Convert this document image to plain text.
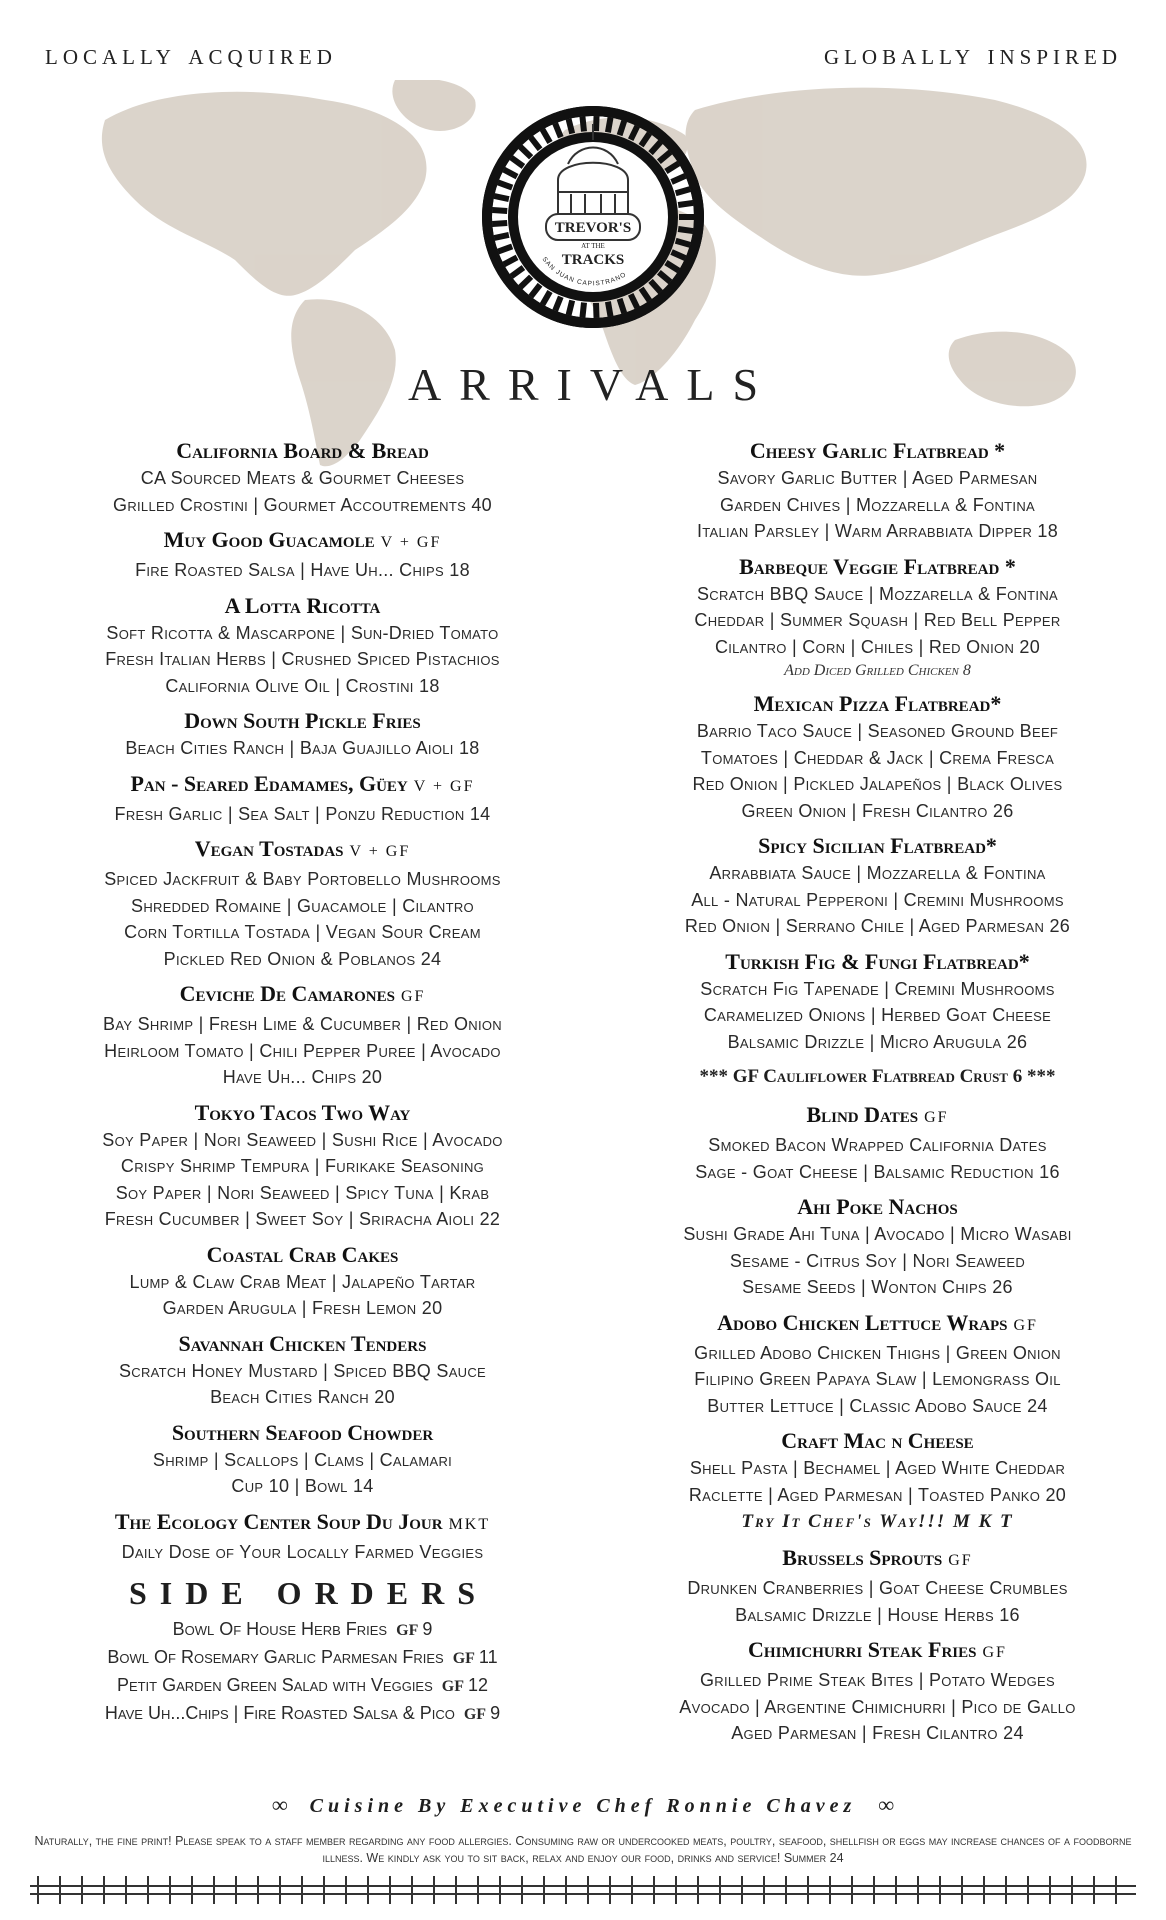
locally acquired	globally inspired
TREVOR'S
AT THE
TRACKS
SAN JUAN CAPISTRANO
ARRIVALS
California Board & Bread
CA Sourced Meats & Gourmet Cheeses
Grilled Crostini | Gourmet Accoutrements 40
Muy Good Guacamole V + GF
Fire Roasted Salsa | Have Uh... Chips 18
A Lotta Ricotta
Soft Ricotta & Mascarpone | Sun-Dried Tomato
Fresh Italian Herbs | Crushed Spiced Pistachios
California Olive Oil | Crostini 18
Down South Pickle Fries
Beach Cities Ranch | Baja Guajillo Aioli 18
Pan - Seared Edamames, Güey V + GF
Fresh Garlic | Sea Salt | Ponzu Reduction 14
Vegan Tostadas V + GF
Spiced Jackfruit & Baby Portobello Mushrooms
Shredded Romaine | Guacamole | Cilantro
Corn Tortilla Tostada | Vegan Sour Cream
Pickled Red Onion & Poblanos 24
Ceviche De Camarones GF
Bay Shrimp | Fresh Lime & Cucumber | Red Onion
Heirloom Tomato | Chili Pepper Puree | Avocado
Have Uh... Chips 20
Tokyo Tacos Two Way
Soy Paper | Nori Seaweed | Sushi Rice | Avocado
Crispy Shrimp Tempura | Furikake Seasoning
Soy Paper | Nori Seaweed | Spicy Tuna | Krab
Fresh Cucumber | Sweet Soy | Sriracha Aioli 22
Coastal Crab Cakes
Lump & Claw Crab Meat | Jalapeño Tartar
Garden Arugula | Fresh Lemon 20
Savannah Chicken Tenders
Scratch Honey Mustard | Spiced BBQ Sauce
Beach Cities Ranch 20
Southern Seafood Chowder
Shrimp | Scallops | Clams | Calamari
Cup 10 | Bowl 14
The Ecology Center Soup Du Jour MKT
Daily Dose of Your Locally Farmed Veggies
SIDE ORDERS
Bowl Of House Herb Fries GF 9
Bowl Of Rosemary Garlic Parmesan Fries GF 11
Petit Garden Green Salad with Veggies GF 12
Have Uh...Chips | Fire Roasted Salsa & Pico GF 9
Cheesy Garlic Flatbread *
Savory Garlic Butter | Aged Parmesan
Garden Chives | Mozzarella & Fontina
Italian Parsley | Warm Arrabbiata Dipper 18
Barbeque Veggie Flatbread *
Scratch BBQ Sauce | Mozzarella & Fontina
Cheddar | Summer Squash | Red Bell Pepper
Cilantro | Corn | Chiles | Red Onion 20
Add Diced Grilled Chicken 8
Mexican Pizza Flatbread*
Barrio Taco Sauce | Seasoned Ground Beef
Tomatoes | Cheddar & Jack | Crema Fresca
Red Onion | Pickled Jalapeños | Black Olives
Green Onion | Fresh Cilantro 26
Spicy Sicilian Flatbread*
Arrabbiata Sauce | Mozzarella & Fontina
All - Natural Pepperoni | Cremini Mushrooms
Red Onion | Serrano Chile | Aged Parmesan 26
Turkish Fig & Fungi Flatbread*
Scratch Fig Tapenade | Cremini Mushrooms
Caramelized Onions | Herbed Goat Cheese
Balsamic Drizzle | Micro Arugula 26
*** GF Cauliflower Flatbread Crust 6 ***
Blind Dates GF
Smoked Bacon Wrapped California Dates
Sage - Goat Cheese | Balsamic Reduction 16
Ahi Poke Nachos
Sushi Grade Ahi Tuna | Avocado | Micro Wasabi
Sesame - Citrus Soy | Nori Seaweed
Sesame Seeds | Wonton Chips 26
Adobo Chicken Lettuce Wraps GF
Grilled Adobo Chicken Thighs | Green Onion
Filipino Green Papaya Slaw | Lemongrass Oil
Butter Lettuce | Classic Adobo Sauce 24
Craft Mac n Cheese
Shell Pasta | Bechamel | Aged White Cheddar
Raclette | Aged Parmesan | Toasted Panko 20
Try It Chef's Way!!! M K T
Brussels Sprouts GF
Drunken Cranberries | Goat Cheese Crumbles
Balsamic Drizzle | House Herbs 16
Chimichurri Steak Fries GF
Grilled Prime Steak Bites | Potato Wedges
Avocado | Argentine Chimichurri | Pico de Gallo
Aged Parmesan | Fresh Cilantro 24
∞ Cuisine By Executive Chef Ronnie Chavez ∞
Naturally, the fine print! Please speak to a staff member regarding any food allergies. Consuming raw or undercooked meats, poultry, seafood, shellfish or eggs may increase chances of a foodborne illness. We kindly ask you to sit back, relax and enjoy our food, drinks and service! Summer 24
